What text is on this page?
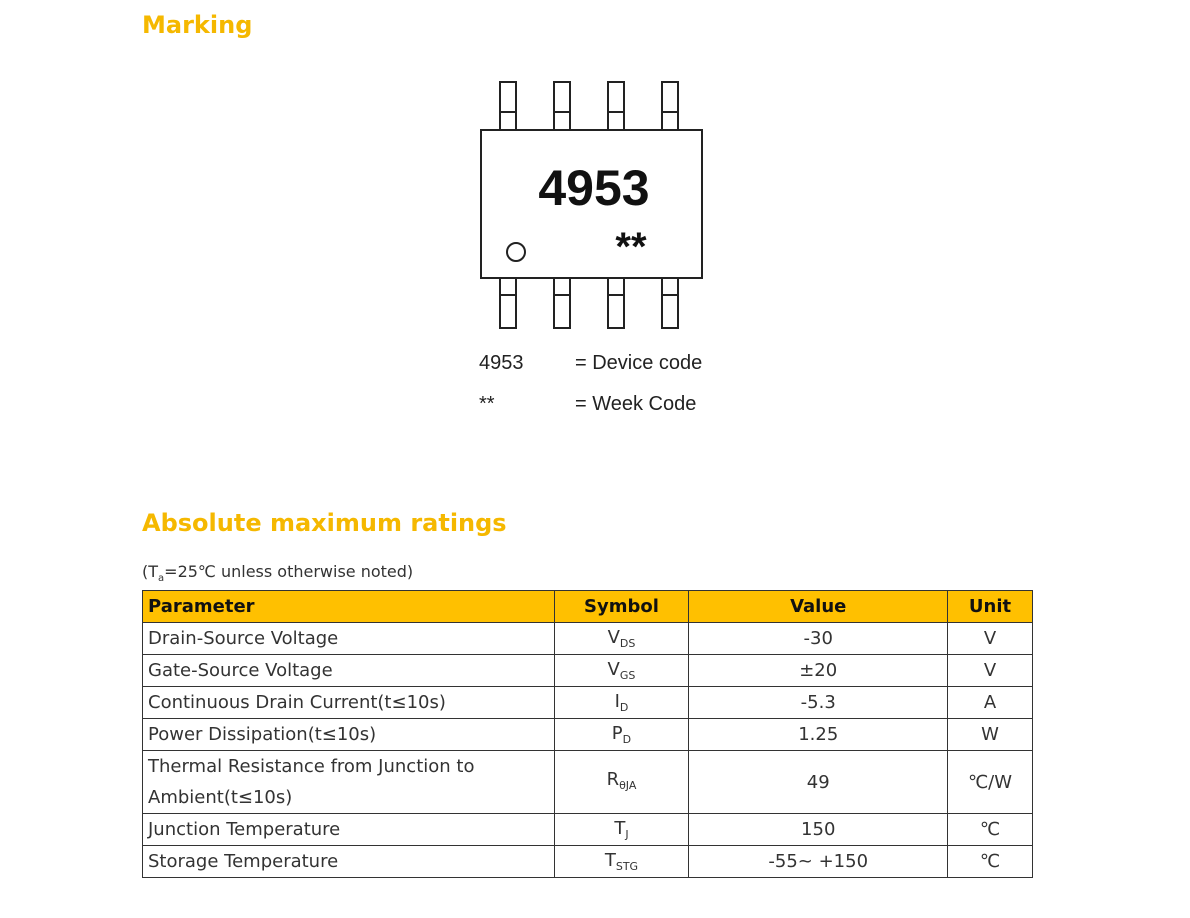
Marking
4953
**
4953	= Device code
**	= Week Code
Absolute maximum ratings
($T_a=25℃$ unless otherwise noted)
Parameter	Symbol	Value	Unit
Drain-Source Voltage	$V_{DS}$	-30	V
Gate-Source Voltage	$V_{GS}$	±20	V
Continuous Drain Current(t≤10s)	$I_D$	-5.3	A
Power Dissipation(t≤10s)	$P_D$	1.25	W
Thermal Resistance from Junction to Ambient(t≤10s)	$R_{\theta JA}$	49	℃/W
Junction Temperature	$T_J$	150	℃
Storage Temperature	$T_{STG}$	-55~ +150	℃
